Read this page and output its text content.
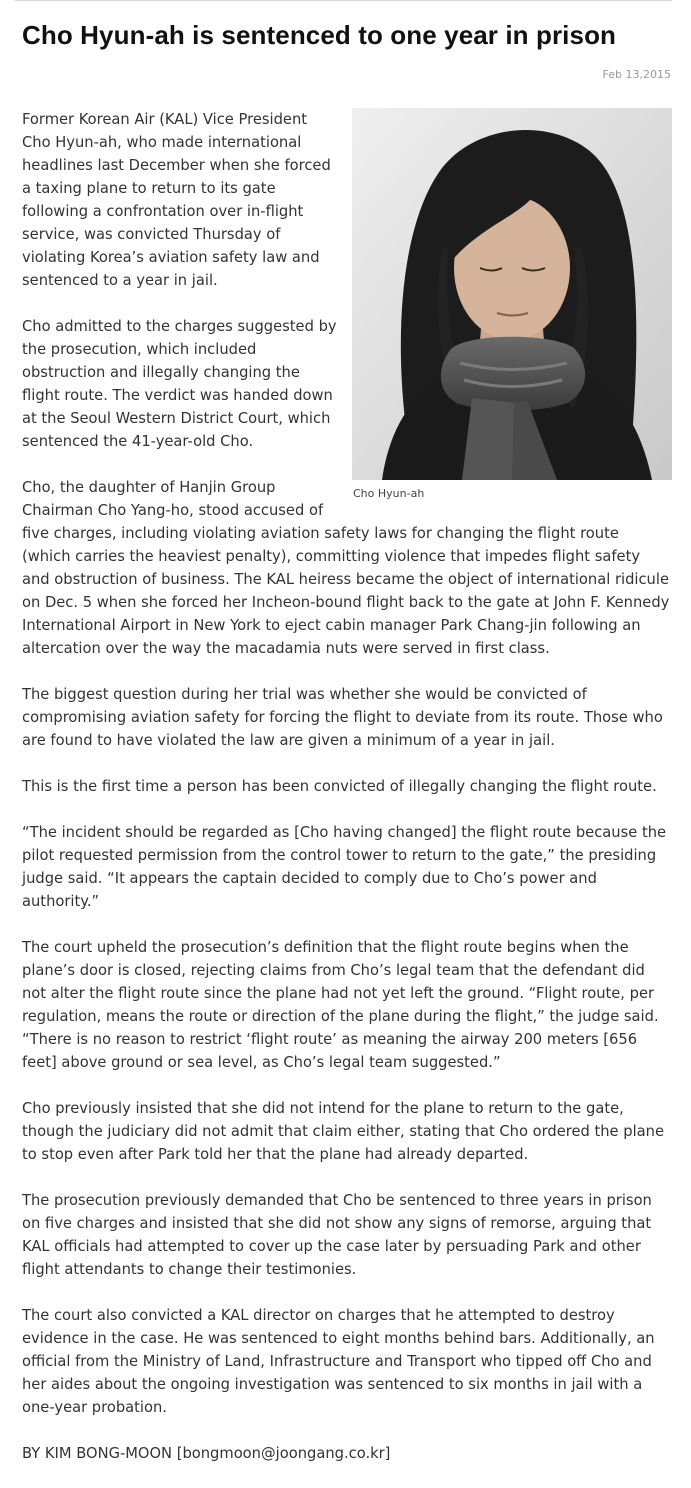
Cho Hyun-ah is sentenced to one year in prison
Feb 13,2015
Cho Hyun-ah

Former Korean Air (KAL) Vice President Cho Hyun-ah, who made international headlines last December when she forced a taxing plane to return to its gate following a confrontation over in-flight service, was convicted Thursday of violating Korea’s aviation safety law and sentenced to a year in jail.

Cho admitted to the charges suggested by the prosecution, which included obstruction and illegally changing the flight route. The verdict was handed down at the Seoul Western District Court, which sentenced the 41-year-old Cho.

Cho, the daughter of Hanjin Group Chairman Cho Yang-ho, stood accused of five charges, including violating aviation safety laws for changing the flight route (which carries the heaviest penalty), committing violence that impedes flight safety and obstruction of business. The KAL heiress became the object of international ridicule on Dec. 5 when she forced her Incheon-bound flight back to the gate at John F. Kennedy International Airport in New York to eject cabin manager Park Chang-jin following an altercation over the way the macadamia nuts were served in first class.

The biggest question during her trial was whether she would be convicted of compromising aviation safety for forcing the flight to deviate from its route. Those who are found to have violated the law are given a minimum of a year in jail.

This is the first time a person has been convicted of illegally changing the flight route.

“The incident should be regarded as [Cho having changed] the flight route because the pilot requested permission from the control tower to return to the gate,” the presiding judge said. “It appears the captain decided to comply due to Cho’s power and authority.”

The court upheld the prosecution’s definition that the flight route begins when the plane’s door is closed, rejecting claims from Cho’s legal team that the defendant did not alter the flight route since the plane had not yet left the ground. “Flight route, per regulation, means the route or direction of the plane during the flight,” the judge said. “There is no reason to restrict ‘flight route’ as meaning the airway 200 meters [656 feet] above ground or sea level, as Cho’s legal team suggested.”

Cho previously insisted that she did not intend for the plane to return to the gate, though the judiciary did not admit that claim either, stating that Cho ordered the plane to stop even after Park told her that the plane had already departed.

The prosecution previously demanded that Cho be sentenced to three years in prison on five charges and insisted that she did not show any signs of remorse, arguing that KAL officials had attempted to cover up the case later by persuading Park and other flight attendants to change their testimonies.

The court also convicted a KAL director on charges that he attempted to destroy evidence in the case. He was sentenced to eight months behind bars. Additionally, an official from the Ministry of Land, Infrastructure and Transport who tipped off Cho and her aides about the ongoing investigation was sentenced to six months in jail with a one-year probation.

BY KIM BONG-MOON [bongmoon@joongang.co.kr]
